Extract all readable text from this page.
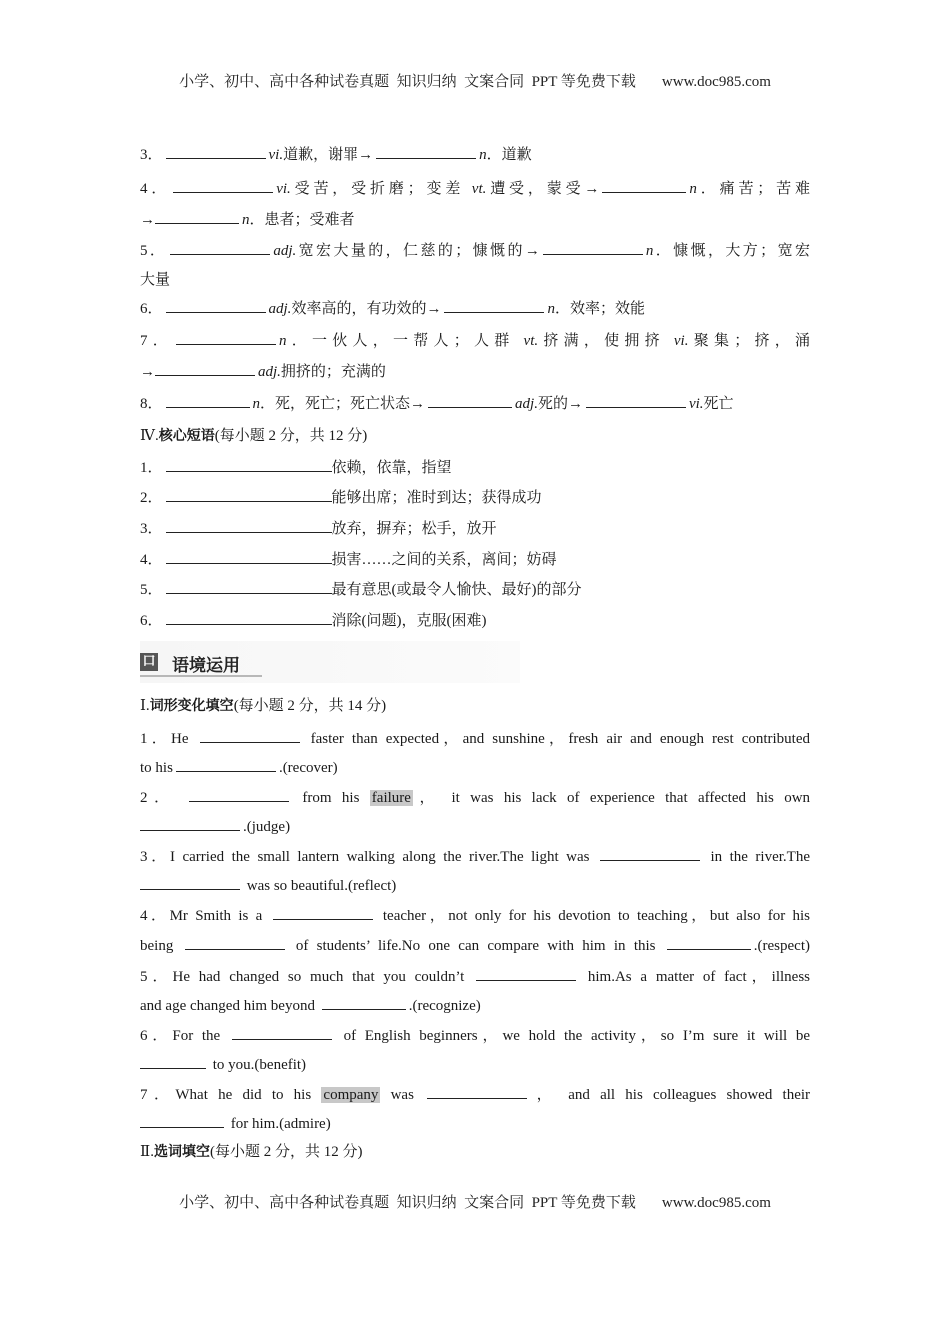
小学、初中、高中各种试卷真题  知识归纳  文案合同  PPT 等免费下载 www.doc985.com
3．	vi.道歉，谢罪→	n．道歉
4．	vi.受苦，受折磨；变差 vt.遭受，蒙受→	n．痛苦；苦难
→	n．患者；受难者
5．	adj.宽宏大量的，仁慈的；慷慨的→	n．慷慨，大方；宽宏
大量
6．	adj.效率高的，有功效的→	n．效率；效能
7．	n．一伙人，一帮人；人群 vt.挤满，使拥挤 vi.聚集；挤，涌
→	adj.拥挤的；充满的
8．	n．死，死亡；死亡状态→	adj.死的→	vi.死亡
Ⅳ.核心短语(每小题 2 分，共 12 分)
1．	依赖，依靠，指望
2．	能够出席；准时到达；获得成功
3．	放弃，摒弃；松手，放开
4．	损害……之间的关系，离间；妨碍
5．	最有意思(或最令人愉快、最好)的部分
6．	消除(问题)，克服(困难)
口 语境运用
Ⅰ.词形变化填空(每小题 2 分，共 14 分)
1．He	faster than expected，and sunshine，fresh air and enough rest contributed
to his	.(recover)
2．	from his failure ， it was his lack of experience that affected his own
.(judge)
3．I carried the small lantern walking along the river.The light was	in the river.The
was so beautiful.(reflect)
4．Mr Smith is a	teacher，not only for his devotion to teaching，but also for his
being	of students’ life.No one can compare with him in this	.(respect)
5．He had changed so much that you couldn’t	him.As a matter of fact，illness
and age changed him beyond	.(recognize)
6．For the	of English beginners，we hold the activity，so I’m sure it will be
to you.(benefit)
7．What he did to his company was	， and all his colleagues showed their
for him.(admire)
Ⅱ.选词填空(每小题 2 分，共 12 分)
小学、初中、高中各种试卷真题  知识归纳  文案合同  PPT 等免费下载 www.doc985.com
